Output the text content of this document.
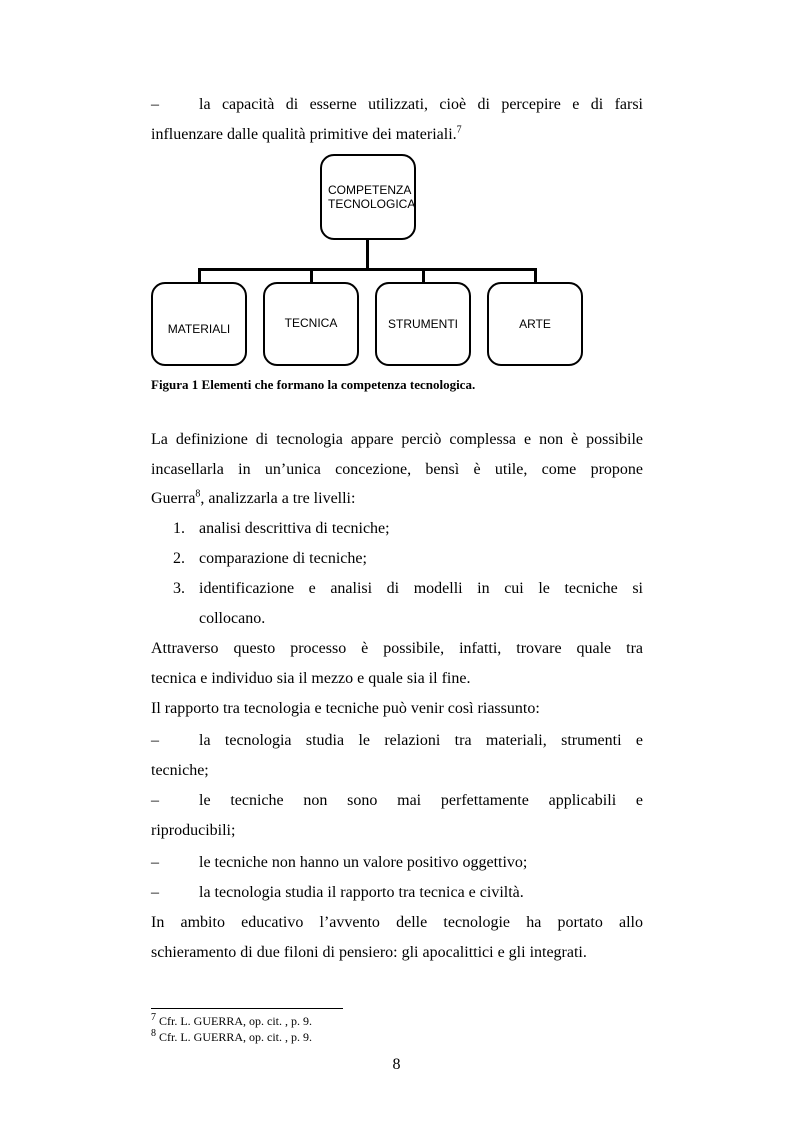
–	la capacità di esserne utilizzati, cioè di percepire e di farsi
influenzare dalle qualità primitive dei materiali.$^7$
COMPETENZA TECNOLOGICA
MATERIALI	TECNICA	STRUMENTI	ARTE
Figura 1 Elementi che formano la competenza tecnologica.
La definizione di tecnologia appare perciò complessa e non è possibile
incasellarla in un’unica concezione, bensì è utile, come propone
Guerra$^8$, analizzarla a tre livelli:
1. analisi descrittiva di tecniche;
2. comparazione di tecniche;
3. identificazione e analisi di modelli in cui le tecniche si
collocano.
Attraverso questo processo è possibile, infatti, trovare quale tra
tecnica e individuo sia il mezzo e quale sia il fine.
Il rapporto tra tecnologia e tecniche può venir così riassunto:
–	la tecnologia studia le relazioni tra materiali, strumenti e
tecniche;
–	le tecniche non sono mai perfettamente applicabili e
riproducibili;
–	le tecniche non hanno un valore positivo oggettivo;
–	la tecnologia studia il rapporto tra tecnica e civiltà.
In ambito educativo l’avvento delle tecnologie ha portato allo
schieramento di due filoni di pensiero: gli apocalittici e gli integrati.
$^7$ Cfr. L. GUERRA, op. cit. , p. 9.
$^8$ Cfr. L. GUERRA, op. cit. , p. 9.
8
